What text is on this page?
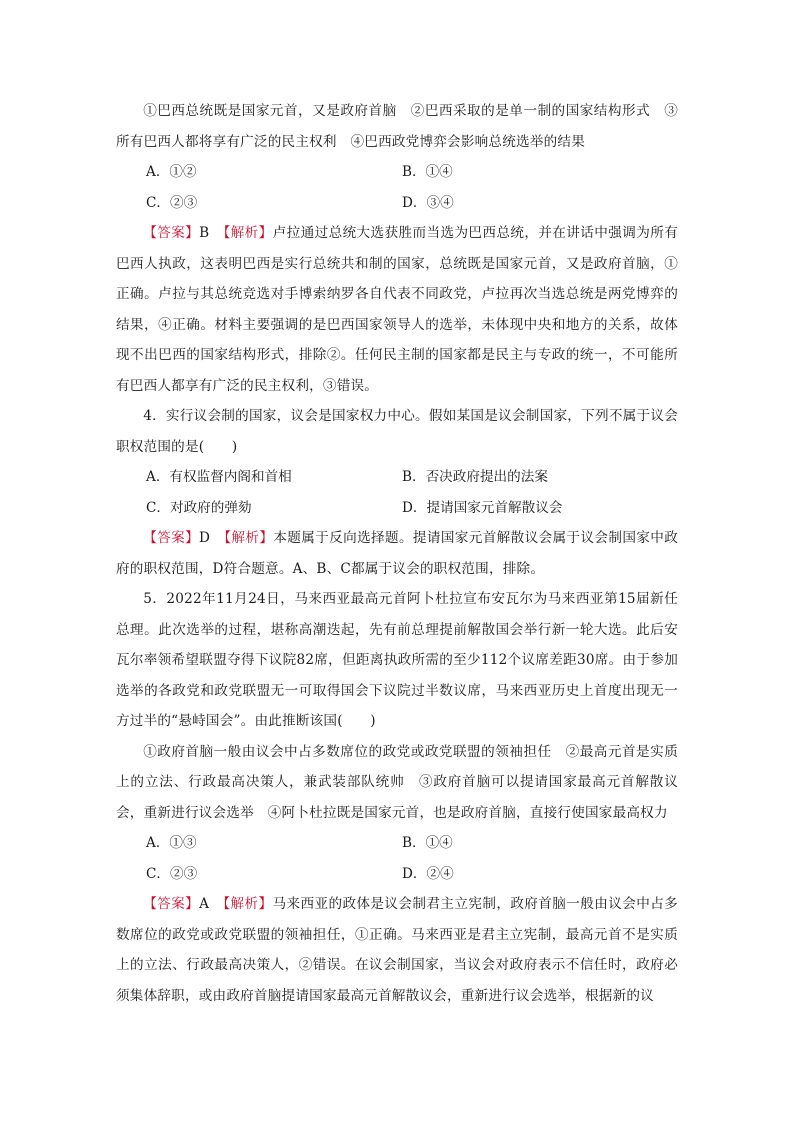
①巴西总统既是国家元首，又是政府首脑　②巴西采取的是单一制的国家结构形式　③所有巴西人都将享有广泛的民主权利　④巴西政党博弈会影响总统选举的结果

A．①②	B．①④
C．②③	D．③④

【答案】B　 【解析】卢拉通过总统大选获胜而当选为巴西总统，并在讲话中强调为所有巴西人执政，这表明巴西是实行总统共和制的国家，总统既是国家元首，又是政府首脑，①正确。卢拉与其总统竞选对手博索纳罗各自代表不同政党，卢拉再次当选总统是两党博弈的结果，④正确。材料主要强调的是巴西国家领导人的选举，未体现中央和地方的关系，故体现不出巴西的国家结构形式，排除②。任何民主制的国家都是民主与专政的统一，不可能所有巴西人都享有广泛的民主权利，③错误。

4．实行议会制的国家，议会是国家权力中心。假如某国是议会制国家，下列不属于议会职权范围的是(　　)

A．有权监督内阁和首相	B．否决政府提出的法案
C．对政府的弹劾	D．提请国家元首解散议会

【答案】D　 【解析】本题属于反向选择题。提请国家元首解散议会属于议会制国家中政府的职权范围，D符合题意。A、B、C都属于议会的职权范围，排除。

5．2022年11月24日，马来西亚最高元首阿卜杜拉宣布安瓦尔为马来西亚第15届新任总理。此次选举的过程，堪称高潮迭起，先有前总理提前解散国会举行新一轮大选。此后安瓦尔率领希望联盟夺得下议院82席，但距离执政所需的至少112个议席差距30席。由于参加选举的各政党和政党联盟无一可取得国会下议院过半数议席，马来西亚历史上首度出现无一方过半的“悬峙国会”。由此推断该国(　　)

①政府首脑一般由议会中占多数席位的政党或政党联盟的领袖担任　②最高元首是实质上的立法、行政最高决策人，兼武装部队统帅　③政府首脑可以提请国家最高元首解散议会，重新进行议会选举　④阿卜杜拉既是国家元首，也是政府首脑，直接行使国家最高权力

A．①③	B．①④
C．②③	D．②④

【答案】A　 【解析】马来西亚的政体是议会制君主立宪制，政府首脑一般由议会中占多数席位的政党或政党联盟的领袖担任，①正确。马来西亚是君主立宪制，最高元首不是实质上的立法、行政最高决策人，②错误。在议会制国家，当议会对政府表示不信任时，政府必须集体辞职，或由政府首脑提请国家最高元首解散议会，重新进行议会选举，根据新的议
